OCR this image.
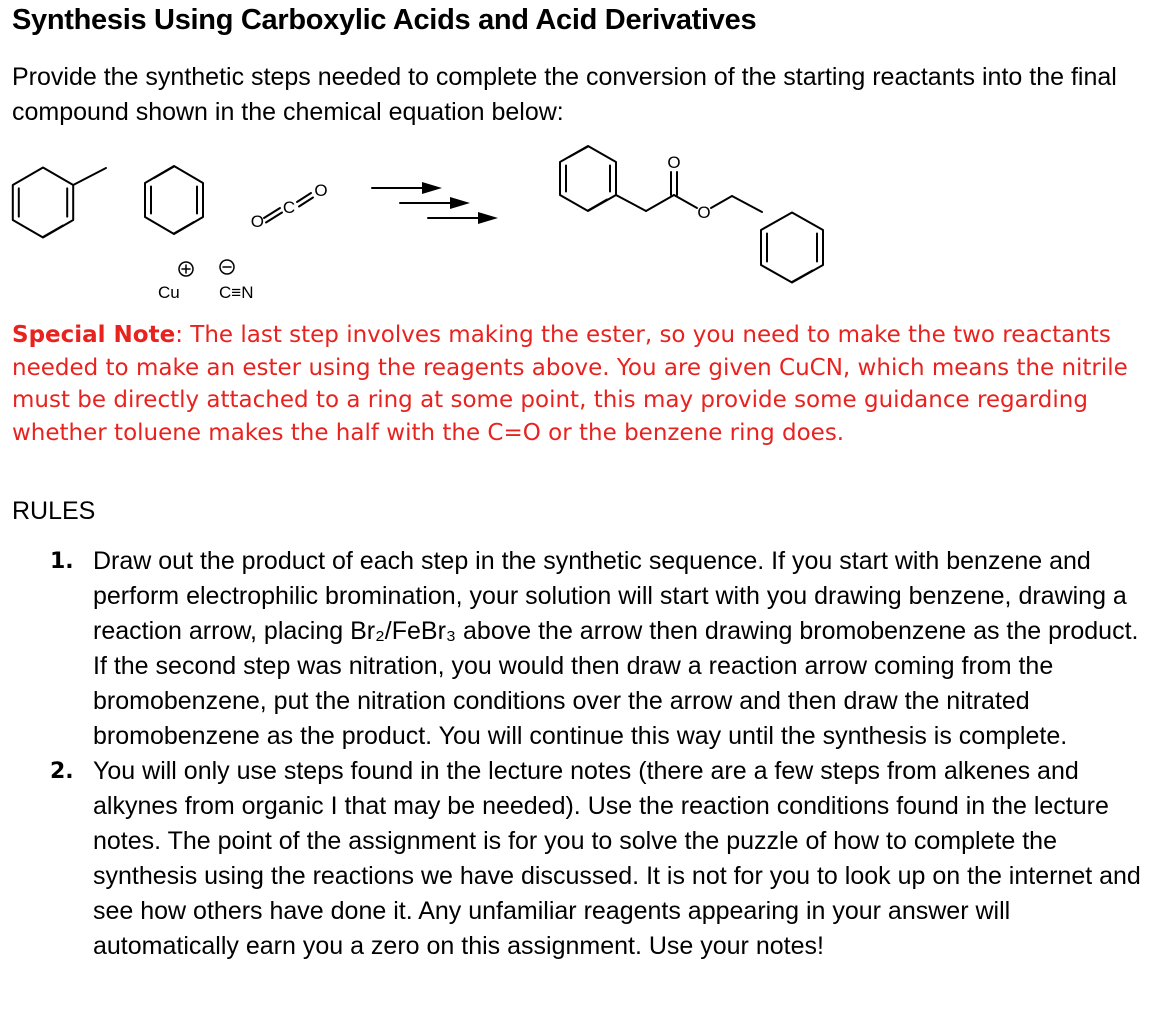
Synthesis Using Carboxylic Acids and Acid Derivatives
Provide the synthetic steps needed to complete the conversion of the starting reactants into the final compound shown in the chemical equation below:
O
C
O
O
O
Cu C≡N
Special Note: The last step involves making the ester, so you need to make the two reactants needed to make an ester using the reagents above. You are given CuCN, which means the nitrile must be directly attached to a ring at some point, this may provide some guidance regarding whether toluene makes the half with the C=O or the benzene ring does.
RULES
1. Draw out the product of each step in the synthetic sequence. If you start with benzene and perform electrophilic bromination, your solution will start with you drawing benzene, drawing a reaction arrow, placing Br₂/FeBr₃ above the arrow then drawing bromobenzene as the product. If the second step was nitration, you would then draw a reaction arrow coming from the bromobenzene, put the nitration conditions over the arrow and then draw the nitrated bromobenzene as the product. You will continue this way until the synthesis is complete.
2. You will only use steps found in the lecture notes (there are a few steps from alkenes and alkynes from organic I that may be needed). Use the reaction conditions found in the lecture notes. The point of the assignment is for you to solve the puzzle of how to complete the synthesis using the reactions we have discussed. It is not for you to look up on the internet and see how others have done it. Any unfamiliar reagents appearing in your answer will automatically earn you a zero on this assignment. Use your notes!
